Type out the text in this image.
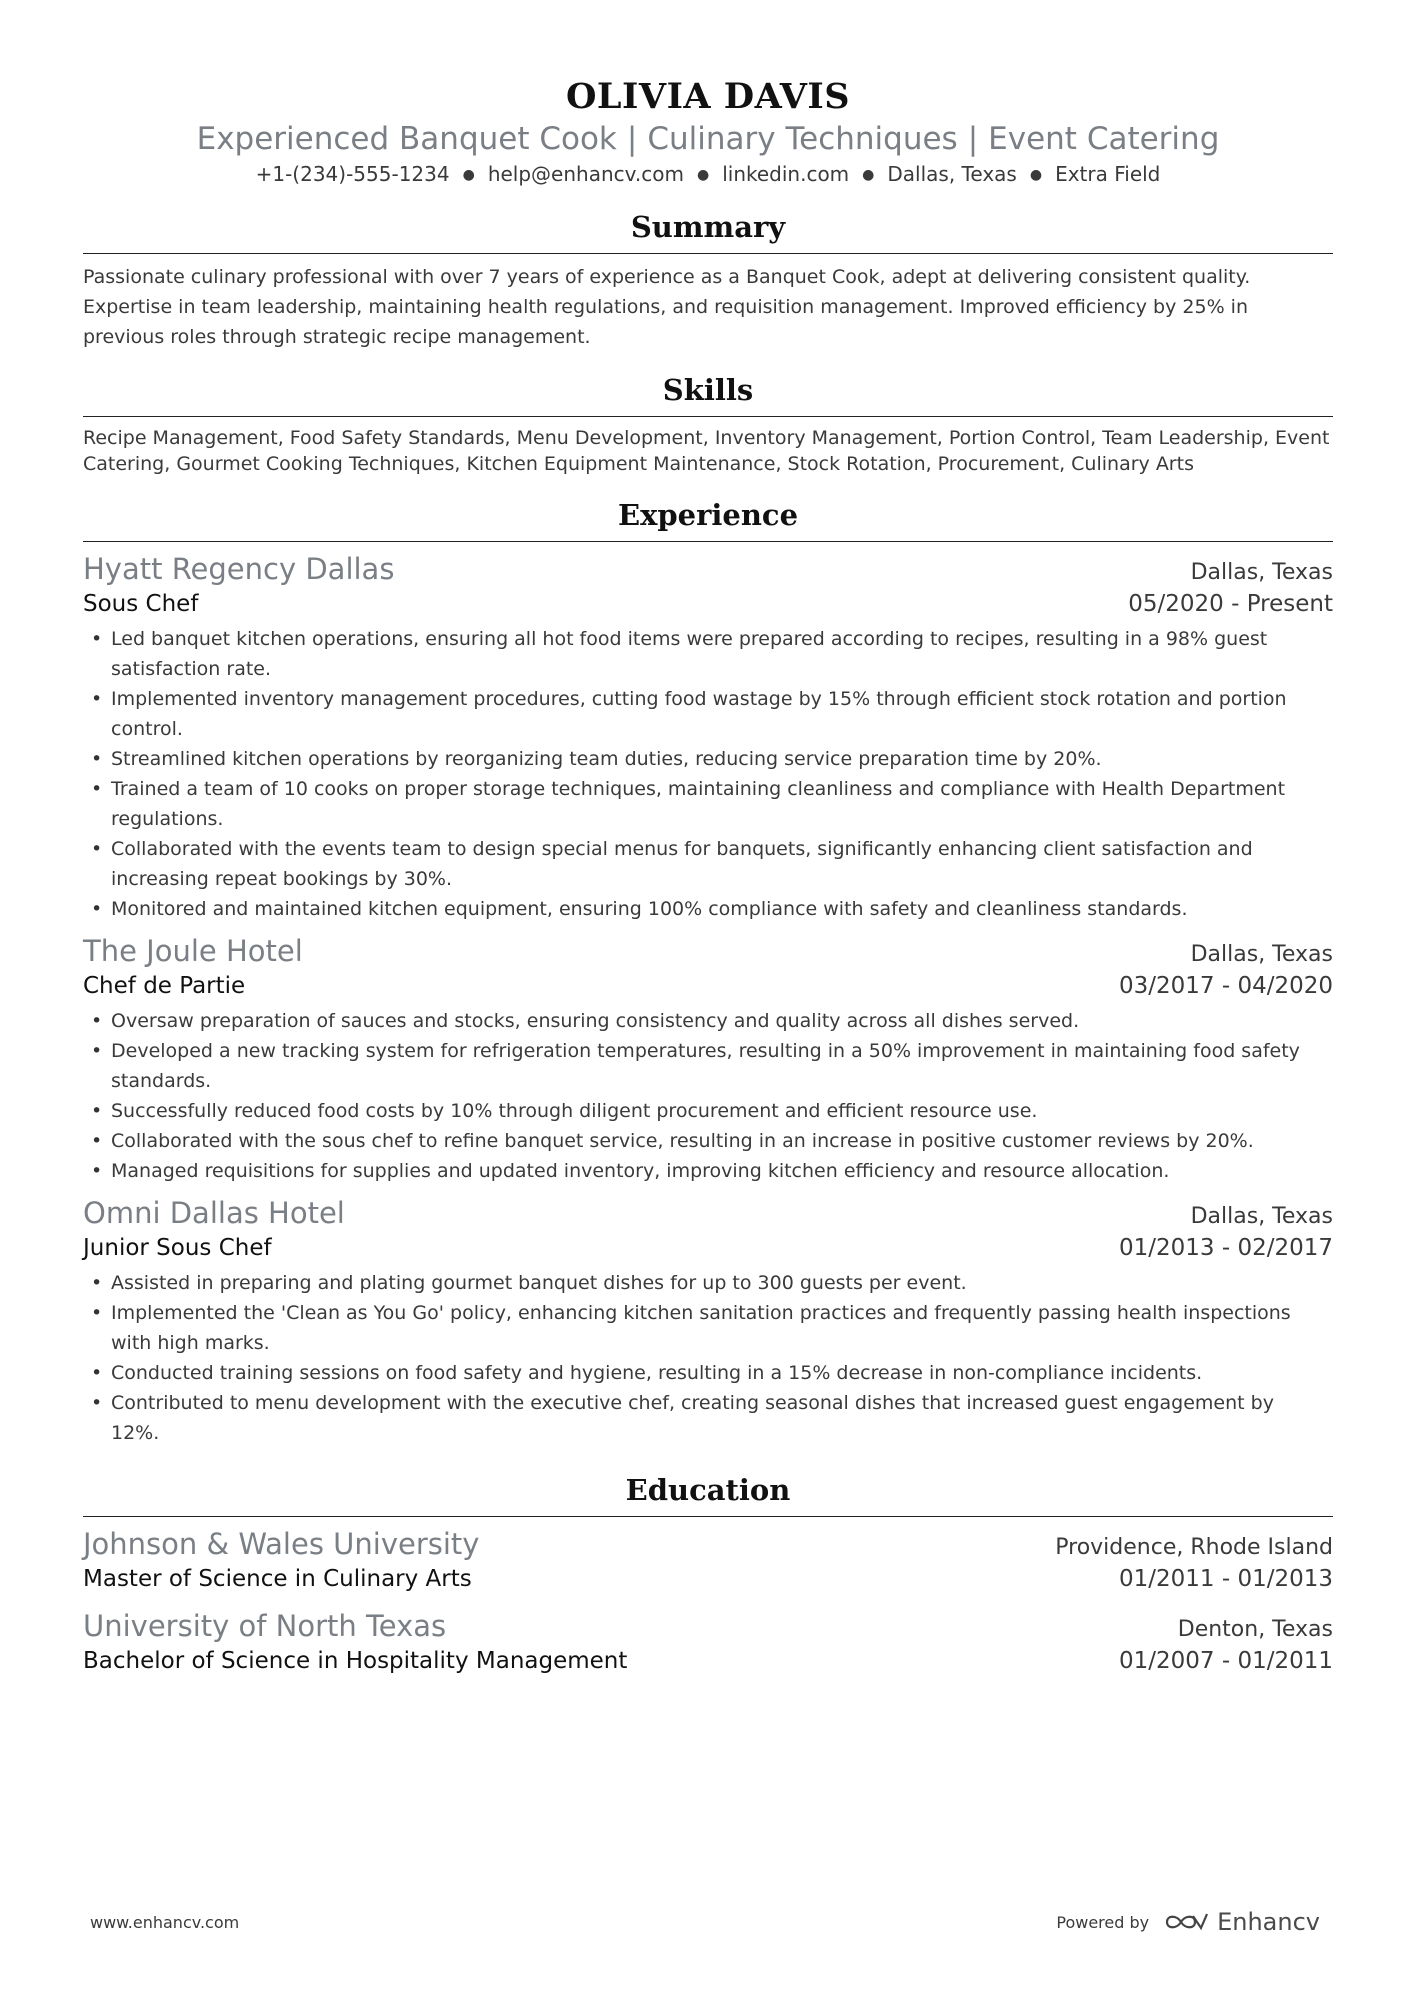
OLIVIA DAVIS
Experienced Banquet Cook | Culinary Techniques | Event Catering
+1-(234)-555-1234 ● help@enhancv.com ● linkedin.com ● Dallas, Texas ● Extra Field
Summary
Passionate culinary professional with over 7 years of experience as a Banquet Cook, adept at delivering consistent quality. Expertise in team leadership, maintaining health regulations, and requisition management. Improved efficiency by 25% in previous roles through strategic recipe management.
Skills
Recipe Management, Food Safety Standards, Menu Development, Inventory Management, Portion Control, Team Leadership, Event Catering, Gourmet Cooking Techniques, Kitchen Equipment Maintenance, Stock Rotation, Procurement, Culinary Arts
Experience
Hyatt Regency Dallas	Dallas, Texas
Sous Chef	05/2020 - Present
• Led banquet kitchen operations, ensuring all hot food items were prepared according to recipes, resulting in a 98% guest satisfaction rate.
• Implemented inventory management procedures, cutting food wastage by 15% through efficient stock rotation and portion control.
• Streamlined kitchen operations by reorganizing team duties, reducing service preparation time by 20%.
• Trained a team of 10 cooks on proper storage techniques, maintaining cleanliness and compliance with Health Department regulations.
• Collaborated with the events team to design special menus for banquets, significantly enhancing client satisfaction and increasing repeat bookings by 30%.
• Monitored and maintained kitchen equipment, ensuring 100% compliance with safety and cleanliness standards.
The Joule Hotel	Dallas, Texas
Chef de Partie	03/2017 - 04/2020
• Oversaw preparation of sauces and stocks, ensuring consistency and quality across all dishes served.
• Developed a new tracking system for refrigeration temperatures, resulting in a 50% improvement in maintaining food safety standards.
• Successfully reduced food costs by 10% through diligent procurement and efficient resource use.
• Collaborated with the sous chef to refine banquet service, resulting in an increase in positive customer reviews by 20%.
• Managed requisitions for supplies and updated inventory, improving kitchen efficiency and resource allocation.
Omni Dallas Hotel	Dallas, Texas
Junior Sous Chef	01/2013 - 02/2017
• Assisted in preparing and plating gourmet banquet dishes for up to 300 guests per event.
• Implemented the 'Clean as You Go' policy, enhancing kitchen sanitation practices and frequently passing health inspections with high marks.
• Conducted training sessions on food safety and hygiene, resulting in a 15% decrease in non-compliance incidents.
• Contributed to menu development with the executive chef, creating seasonal dishes that increased guest engagement by 12%.
Education
Johnson & Wales University	Providence, Rhode Island
Master of Science in Culinary Arts	01/2011 - 01/2013
University of North Texas	Denton, Texas
Bachelor of Science in Hospitality Management	01/2007 - 01/2011
www.enhancv.com	Powered by	Enhancv
